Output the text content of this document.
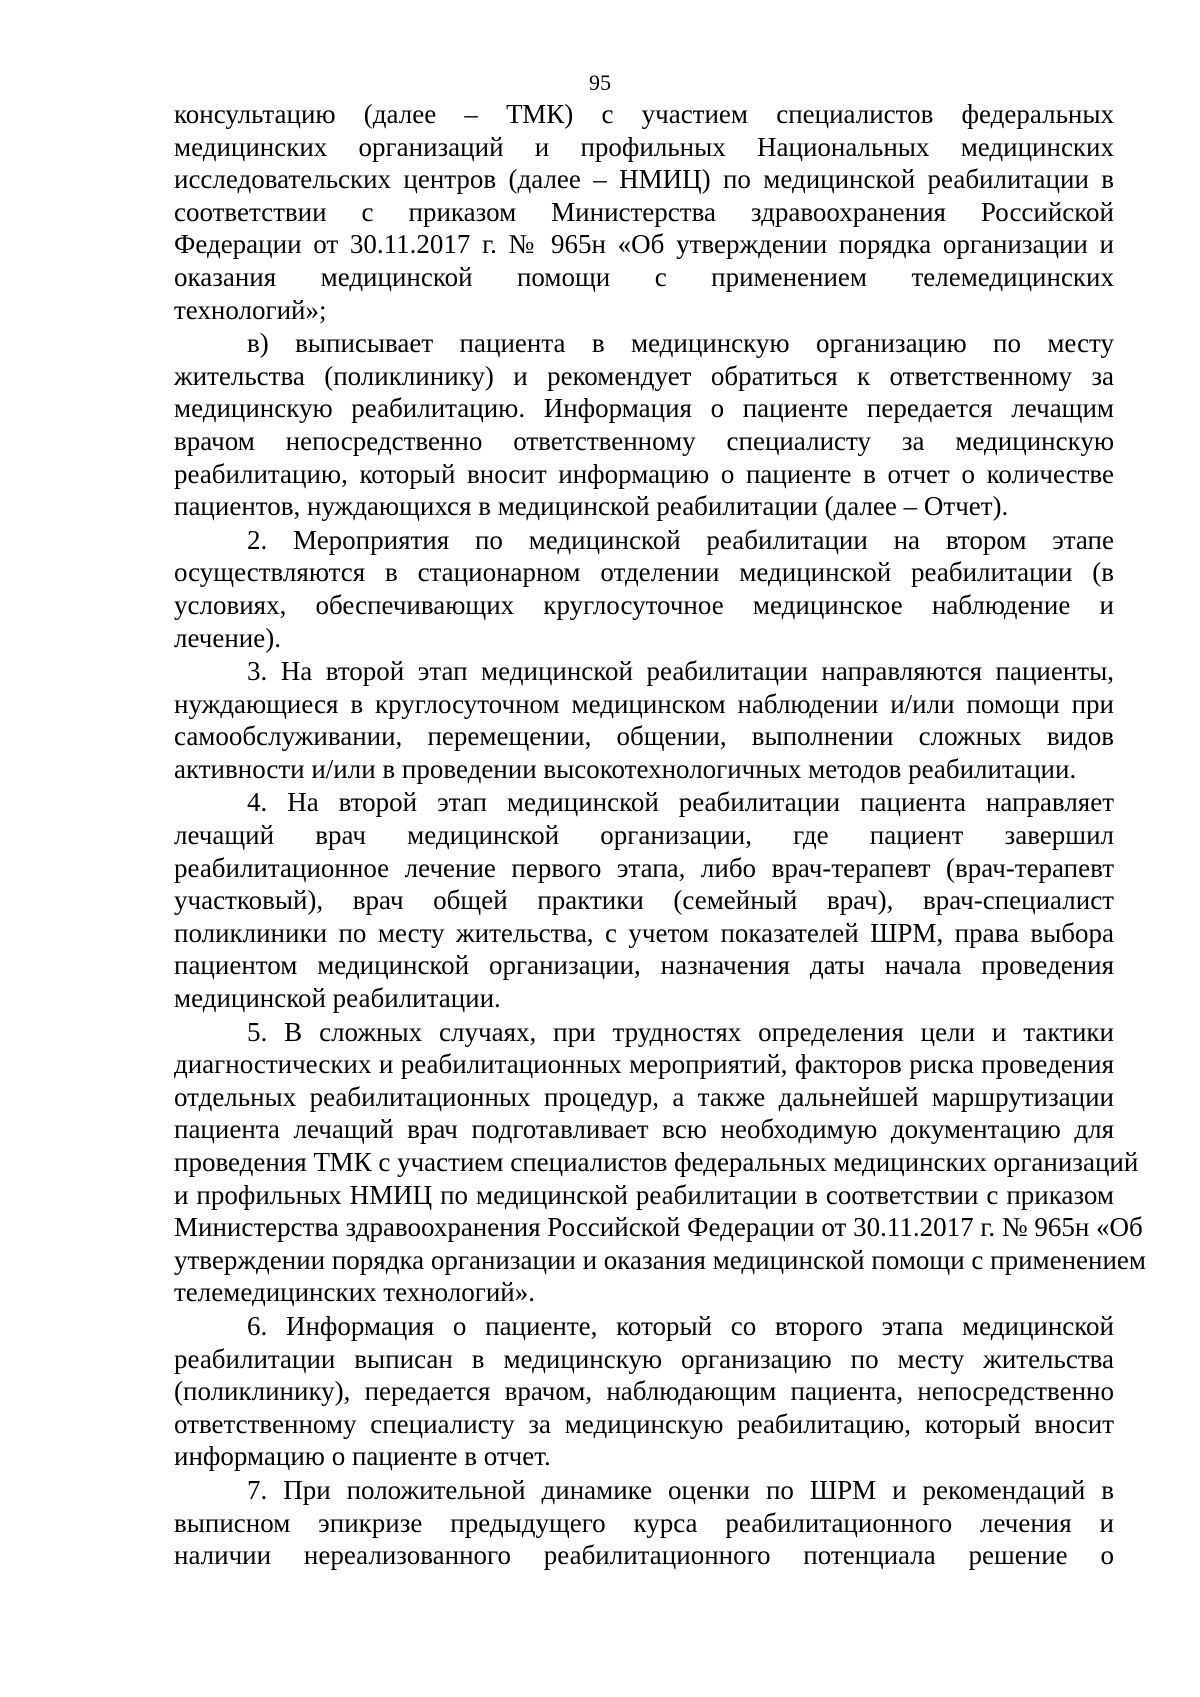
95
консультацию (далее – ТМК) с участием специалистов федеральных
медицинских организаций и профильных Национальных медицинских
исследовательских центров (далее – НМИЦ) по медицинской реабилитации в
соответствии с приказом Министерства здравоохранения Российской
Федерации от 30.11.2017 г. № 965н «Об утверждении порядка организации и
оказания медицинской помощи с применением телемедицинских
технологий»;
в) выписывает пациента в медицинскую организацию по месту
жительства (поликлинику) и рекомендует обратиться к ответственному за
медицинскую реабилитацию. Информация о пациенте передается лечащим
врачом непосредственно ответственному специалисту за медицинскую
реабилитацию, который вносит информацию о пациенте в отчет о количестве
пациентов, нуждающихся в медицинской реабилитации (далее – Отчет).
2. Мероприятия по медицинской реабилитации на втором этапе
осуществляются в стационарном отделении медицинской реабилитации (в
условиях, обеспечивающих круглосуточное медицинское наблюдение и
лечение).
3. На второй этап медицинской реабилитации направляются пациенты,
нуждающиеся в круглосуточном медицинском наблюдении и/или помощи при
самообслуживании, перемещении, общении, выполнении сложных видов
активности и/или в проведении высокотехнологичных методов реабилитации.
4. На второй этап медицинской реабилитации пациента направляет
лечащий врач медицинской организации, где пациент завершил
реабилитационное лечение первого этапа, либо врач-терапевт (врач-терапевт
участковый), врач общей практики (семейный врач), врач-специалист
поликлиники по месту жительства, с учетом показателей ШРМ, права выбора
пациентом медицинской организации, назначения даты начала проведения
медицинской реабилитации.
5. В сложных случаях, при трудностях определения цели и тактики
диагностических и реабилитационных мероприятий, факторов риска проведения
отдельных реабилитационных процедур, а также дальнейшей маршрутизации
пациента лечащий врач подготавливает всю необходимую документацию для
проведения ТМК с участием специалистов федеральных медицинских организаций
и профильных НМИЦ по медицинской реабилитации в соответствии с приказом
Министерства здравоохранения Российской Федерации от 30.11.2017 г. № 965н «Об
утверждении порядка организации и оказания медицинской помощи с применением
телемедицинских технологий».
6. Информация о пациенте, который со второго этапа медицинской
реабилитации выписан в медицинскую организацию по месту жительства
(поликлинику), передается врачом, наблюдающим пациента, непосредственно
ответственному специалисту за медицинскую реабилитацию, который вносит
информацию о пациенте в отчет.
7. При положительной динамике оценки по ШРМ и рекомендаций в
выписном эпикризе предыдущего курса реабилитационного лечения и
наличии нереализованного реабилитационного потенциала решение о
